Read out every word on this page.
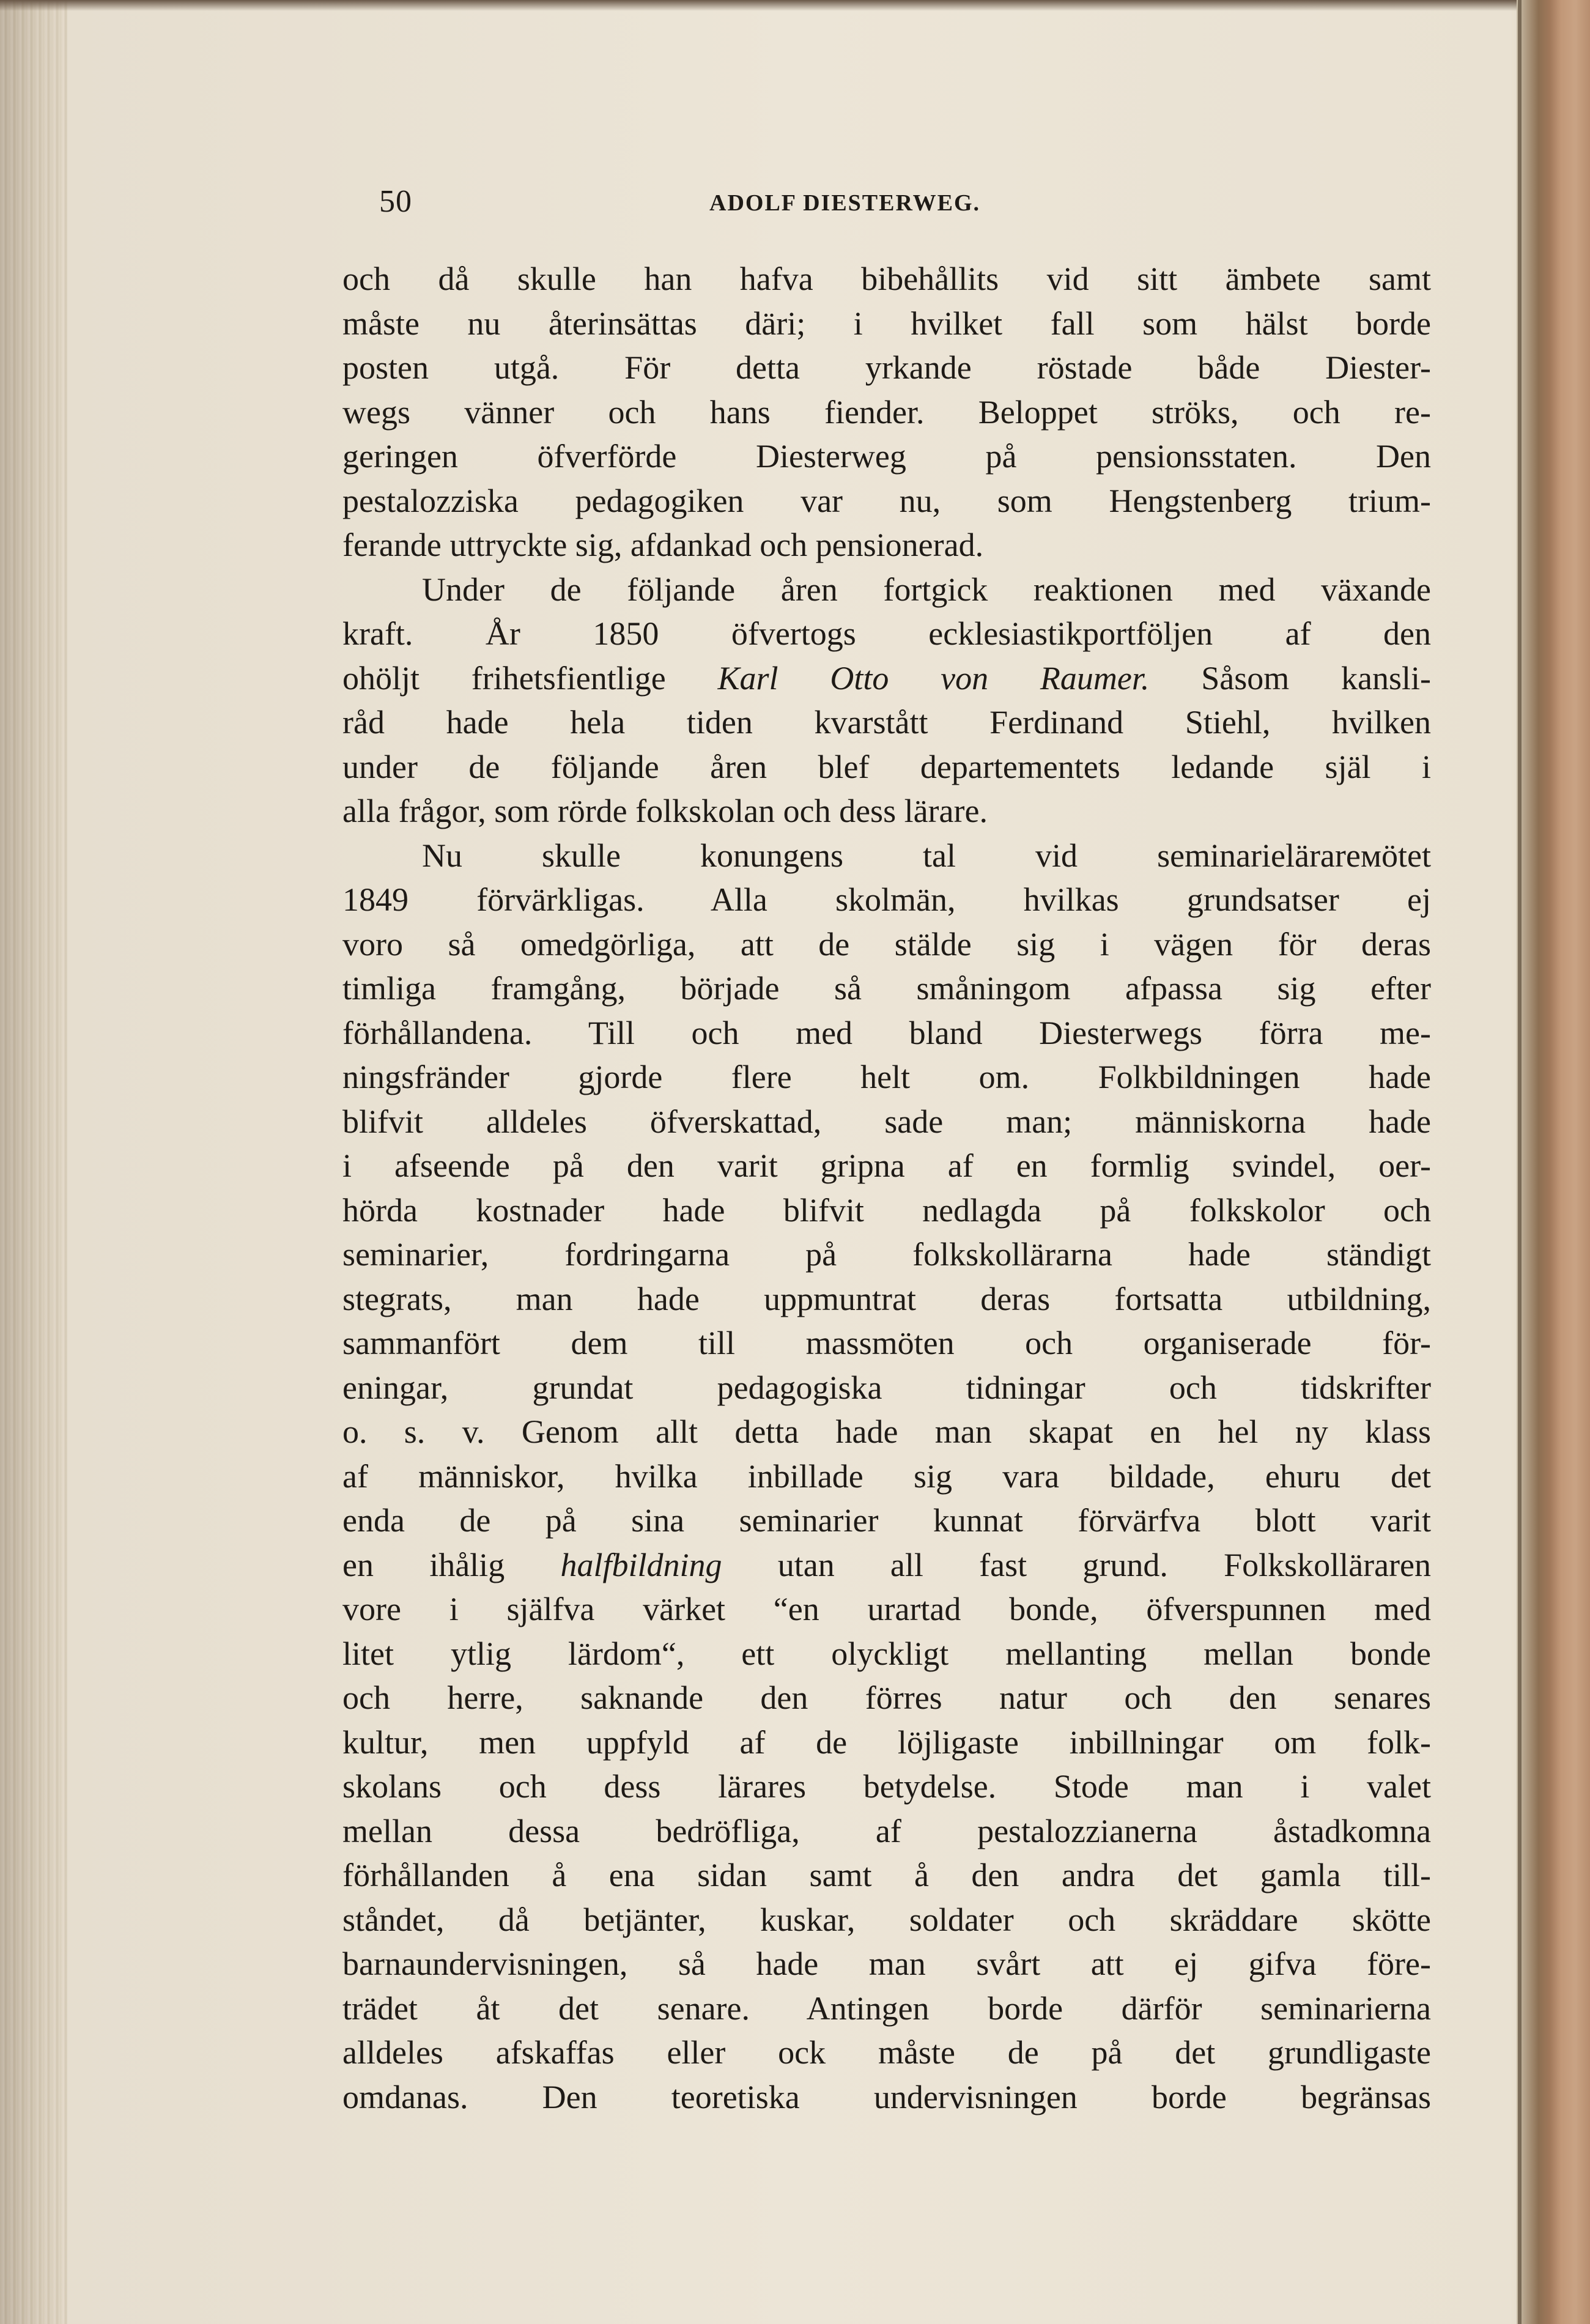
50	ADOLF DIESTERWEG.
och då skulle han hafva bibehållits vid sitt ämbete samt
måste nu återinsättas däri; i hvilket fall som hälst borde
posten utgå. För detta yrkande röstade både Diester-
wegs vänner och hans fiender. Beloppet ströks, och re-
geringen öfverförde Diesterweg på pensionsstaten. Den
pestalozziska pedagogiken var nu, som Hengstenberg trium-
ferande uttryckte sig, afdankad och pensionerad.
Under de följande åren fortgick reaktionen med växande
kraft. År 1850 öfvertogs ecklesiastikportföljen af den
ohöljt frihetsfientlige Karl Otto von Raumer. Såsom kansli-
råd hade hela tiden kvarstått Ferdinand Stiehl, hvilken
under de följande åren blef departementets ledande själ i
alla frågor, som rörde folkskolan och dess lärare.
Nu skulle konungens tal vid seminarielärarемötet
1849 förvärkligas. Alla skolmän, hvilkas grundsatser ej
voro så omedgörliga, att de stälde sig i vägen för deras
timliga framgång, började så småningom afpassa sig efter
förhållandena. Till och med bland Diesterwegs förra me-
ningsfränder gjorde flere helt om. Folkbildningen hade
blifvit alldeles öfverskattad, sade man; människorna hade
i afseende på den varit gripna af en formlig svindel, oer-
hörda kostnader hade blifvit nedlagda på folkskolor och
seminarier, fordringarna på folkskollärarna hade ständigt
stegrats, man hade uppmuntrat deras fortsatta utbildning,
sammanfört dem till massmöten och organiserade för-
eningar, grundat pedagogiska tidningar och tidskrifter
o. s. v. Genom allt detta hade man skapat en hel ny klass
af människor, hvilka inbillade sig vara bildade, ehuru det
enda de på sina seminarier kunnat förvärfva blott varit
en ihålig halfbildning utan all fast grund. Folkskolläraren
vore i själfva värket “en urartad bonde, öfverspunnen med
litet ytlig lärdom“, ett olyckligt mellanting mellan bonde
och herre, saknande den förres natur och den senares
kultur, men uppfyld af de löjligaste inbillningar om folk-
skolans och dess lärares betydelse. Stode man i valet
mellan dessa bedröfliga, af pestalozzianerna åstadkomna
förhållanden å ena sidan samt å den andra det gamla till-
ståndet, då betjänter, kuskar, soldater och skräddare skötte
barnaundervisningen, så hade man svårt att ej gifva före-
trädet åt det senare. Antingen borde därför seminarierna
alldeles afskaffas eller ock måste de på det grundligaste
omdanas. Den teoretiska undervisningen borde begränsas
